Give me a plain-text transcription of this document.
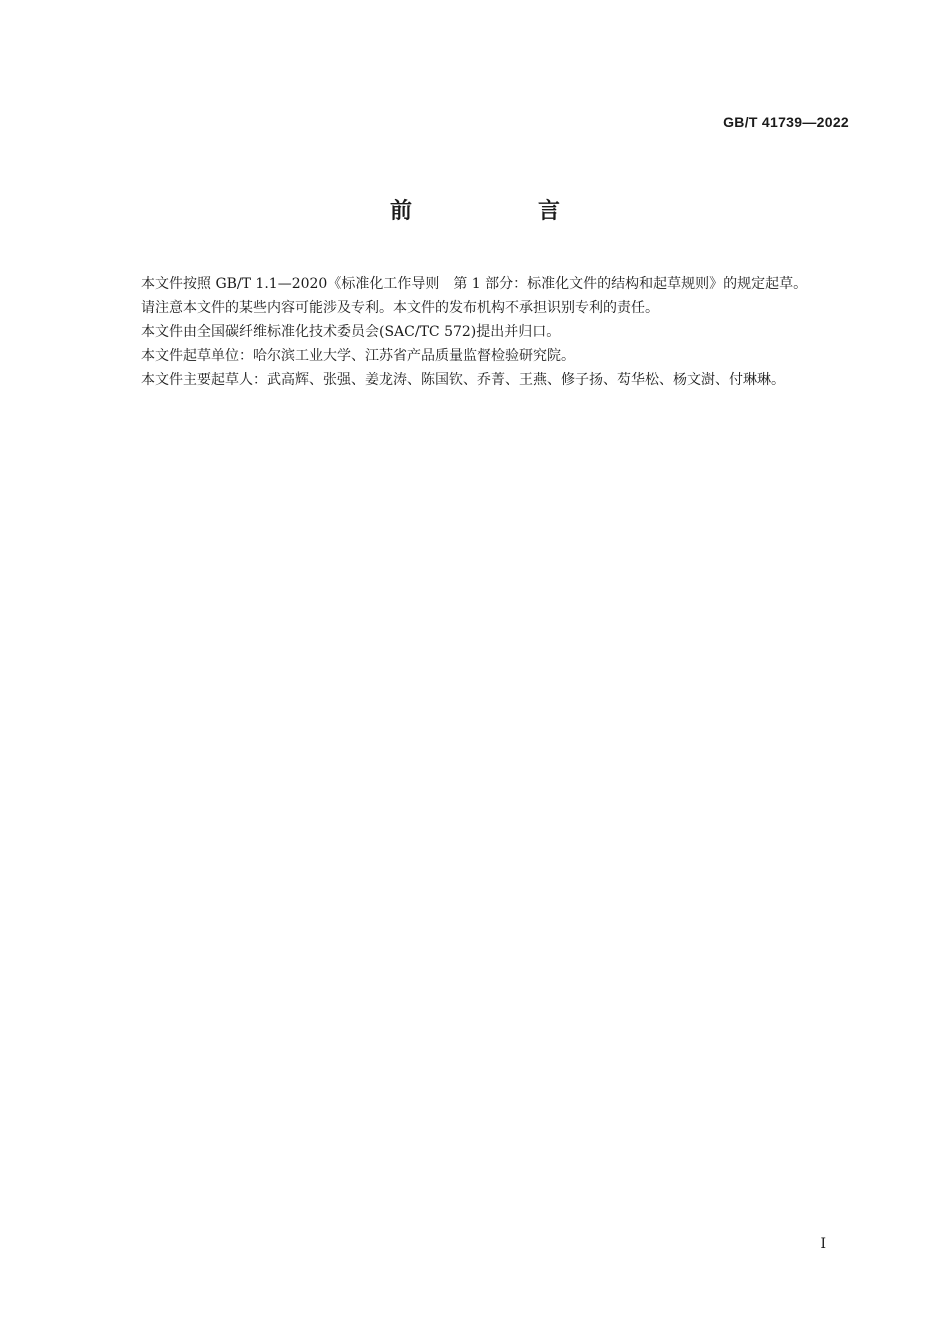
GB/T 41739—2022
前　言

本文件按照 GB/T 1.1—2020《标准化工作导则　第 1 部分：标准化文件的结构和起草规则》的规定起草。

请注意本文件的某些内容可能涉及专利。本文件的发布机构不承担识别专利的责任。

本文件由全国碳纤维标准化技术委员会(SAC/TC 572)提出并归口。

本文件起草单位：哈尔滨工业大学、江苏省产品质量监督检验研究院。

本文件主要起草人：武高辉、张强、姜龙涛、陈国钦、乔菁、王燕、修子扬、芶华松、杨文澍、付琳琳。

I
